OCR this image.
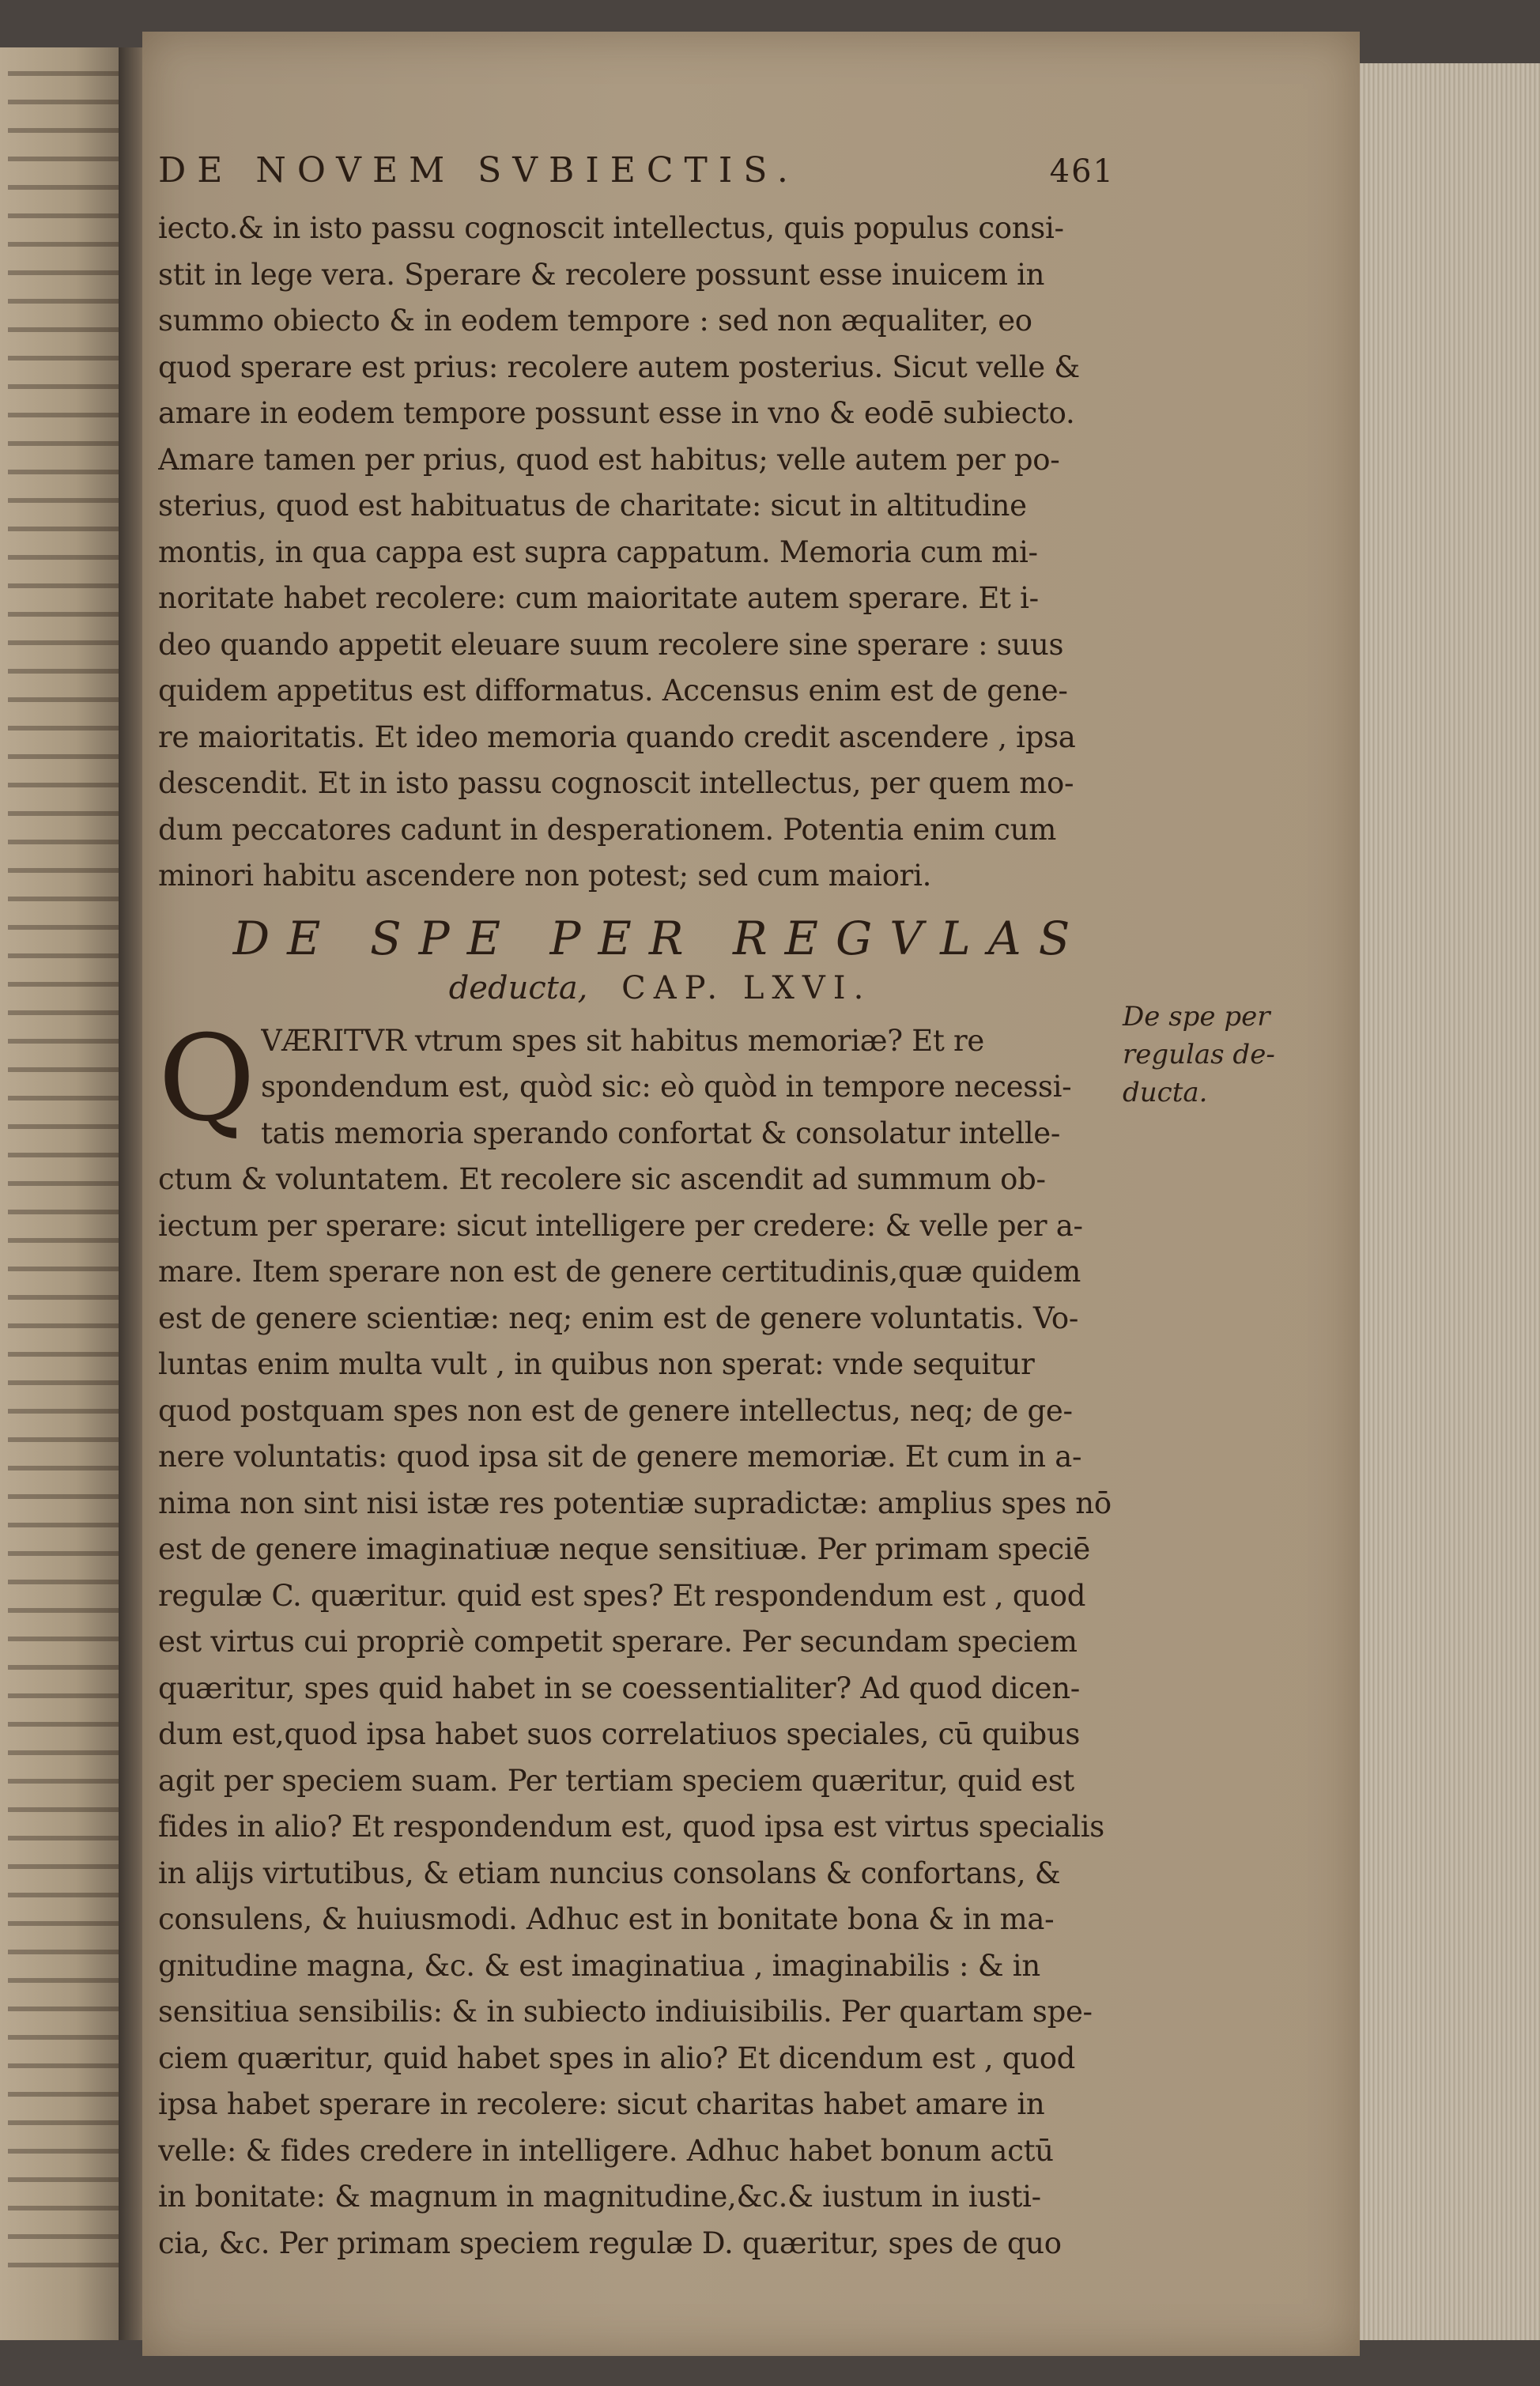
DE NOVEM SVBIECTIS.	461
iecto.& in isto passu cognoscit intellectus, quis populus consi-
stit in lege vera. Sperare & recolere possunt esse inuicem in
summo obiecto & in eodem tempore : sed non æqualiter, eo
quod sperare est prius: recolere autem posterius. Sicut velle &
amare in eodem tempore possunt esse in vno & eodē subiecto.
Amare tamen per prius, quod est habitus; velle autem per po-
sterius, quod est habituatus de charitate: sicut in altitudine
montis, in qua cappa est supra cappatum. Memoria cum mi-
noritate habet recolere: cum maioritate autem sperare. Et i-
deo quando appetit eleuare suum recolere sine sperare : suus
quidem appetitus est difformatus. Accensus enim est de gene-
re maioritatis. Et ideo memoria quando credit ascendere , ipsa
descendit. Et in isto passu cognoscit intellectus, per quem mo-
dum peccatores cadunt in desperationem. Potentia enim cum
minori habitu ascendere non potest; sed cum maiori.
DE SPE PER REGVLAS
deducta, CAP. LXVI.
Q VÆRITVR vtrum spes sit habitus memoriæ? Et re
spondendum est, quòd sic: eò quòd in tempore necessi-
tatis memoria sperando confortat & consolatur intelle-
ctum & voluntatem. Et recolere sic ascendit ad summum ob-
iectum per sperare: sicut intelligere per credere: & velle per a-
mare. Item sperare non est de genere certitudinis,quæ quidem
est de genere scientiæ: neq; enim est de genere voluntatis. Vo-
luntas enim multa vult , in quibus non sperat: vnde sequitur
quod postquam spes non est de genere intellectus, neq; de ge-
nere voluntatis: quod ipsa sit de genere memoriæ. Et cum in a-
nima non sint nisi istæ res potentiæ supradictæ: amplius spes nō
est de genere imaginatiuæ neque sensitiuæ. Per primam speciē
regulæ C. quæritur. quid est spes? Et respondendum est , quod
est virtus cui propriè competit sperare. Per secundam speciem
quæritur, spes quid habet in se coessentialiter? Ad quod dicen-
dum est,quod ipsa habet suos correlatiuos speciales, cū quibus
agit per speciem suam. Per tertiam speciem quæritur, quid est
fides in alio? Et respondendum est, quod ipsa est virtus specialis
in alijs virtutibus, & etiam nuncius consolans & confortans, &
consulens, & huiusmodi. Adhuc est in bonitate bona & in ma-
gnitudine magna, &c. & est imaginatiua , imaginabilis : & in
sensitiua sensibilis: & in subiecto indiuisibilis. Per quartam spe-
ciem quæritur, quid habet spes in alio? Et dicendum est , quod
ipsa habet sperare in recolere: sicut charitas habet amare in
velle: & fides credere in intelligere. Adhuc habet bonum actū
in bonitate: & magnum in magnitudine,&c.& iustum in iusti-
cia, &c. Per primam speciem regulæ D. quæritur, spes de quo
De spe per
regulas de-
ducta.
